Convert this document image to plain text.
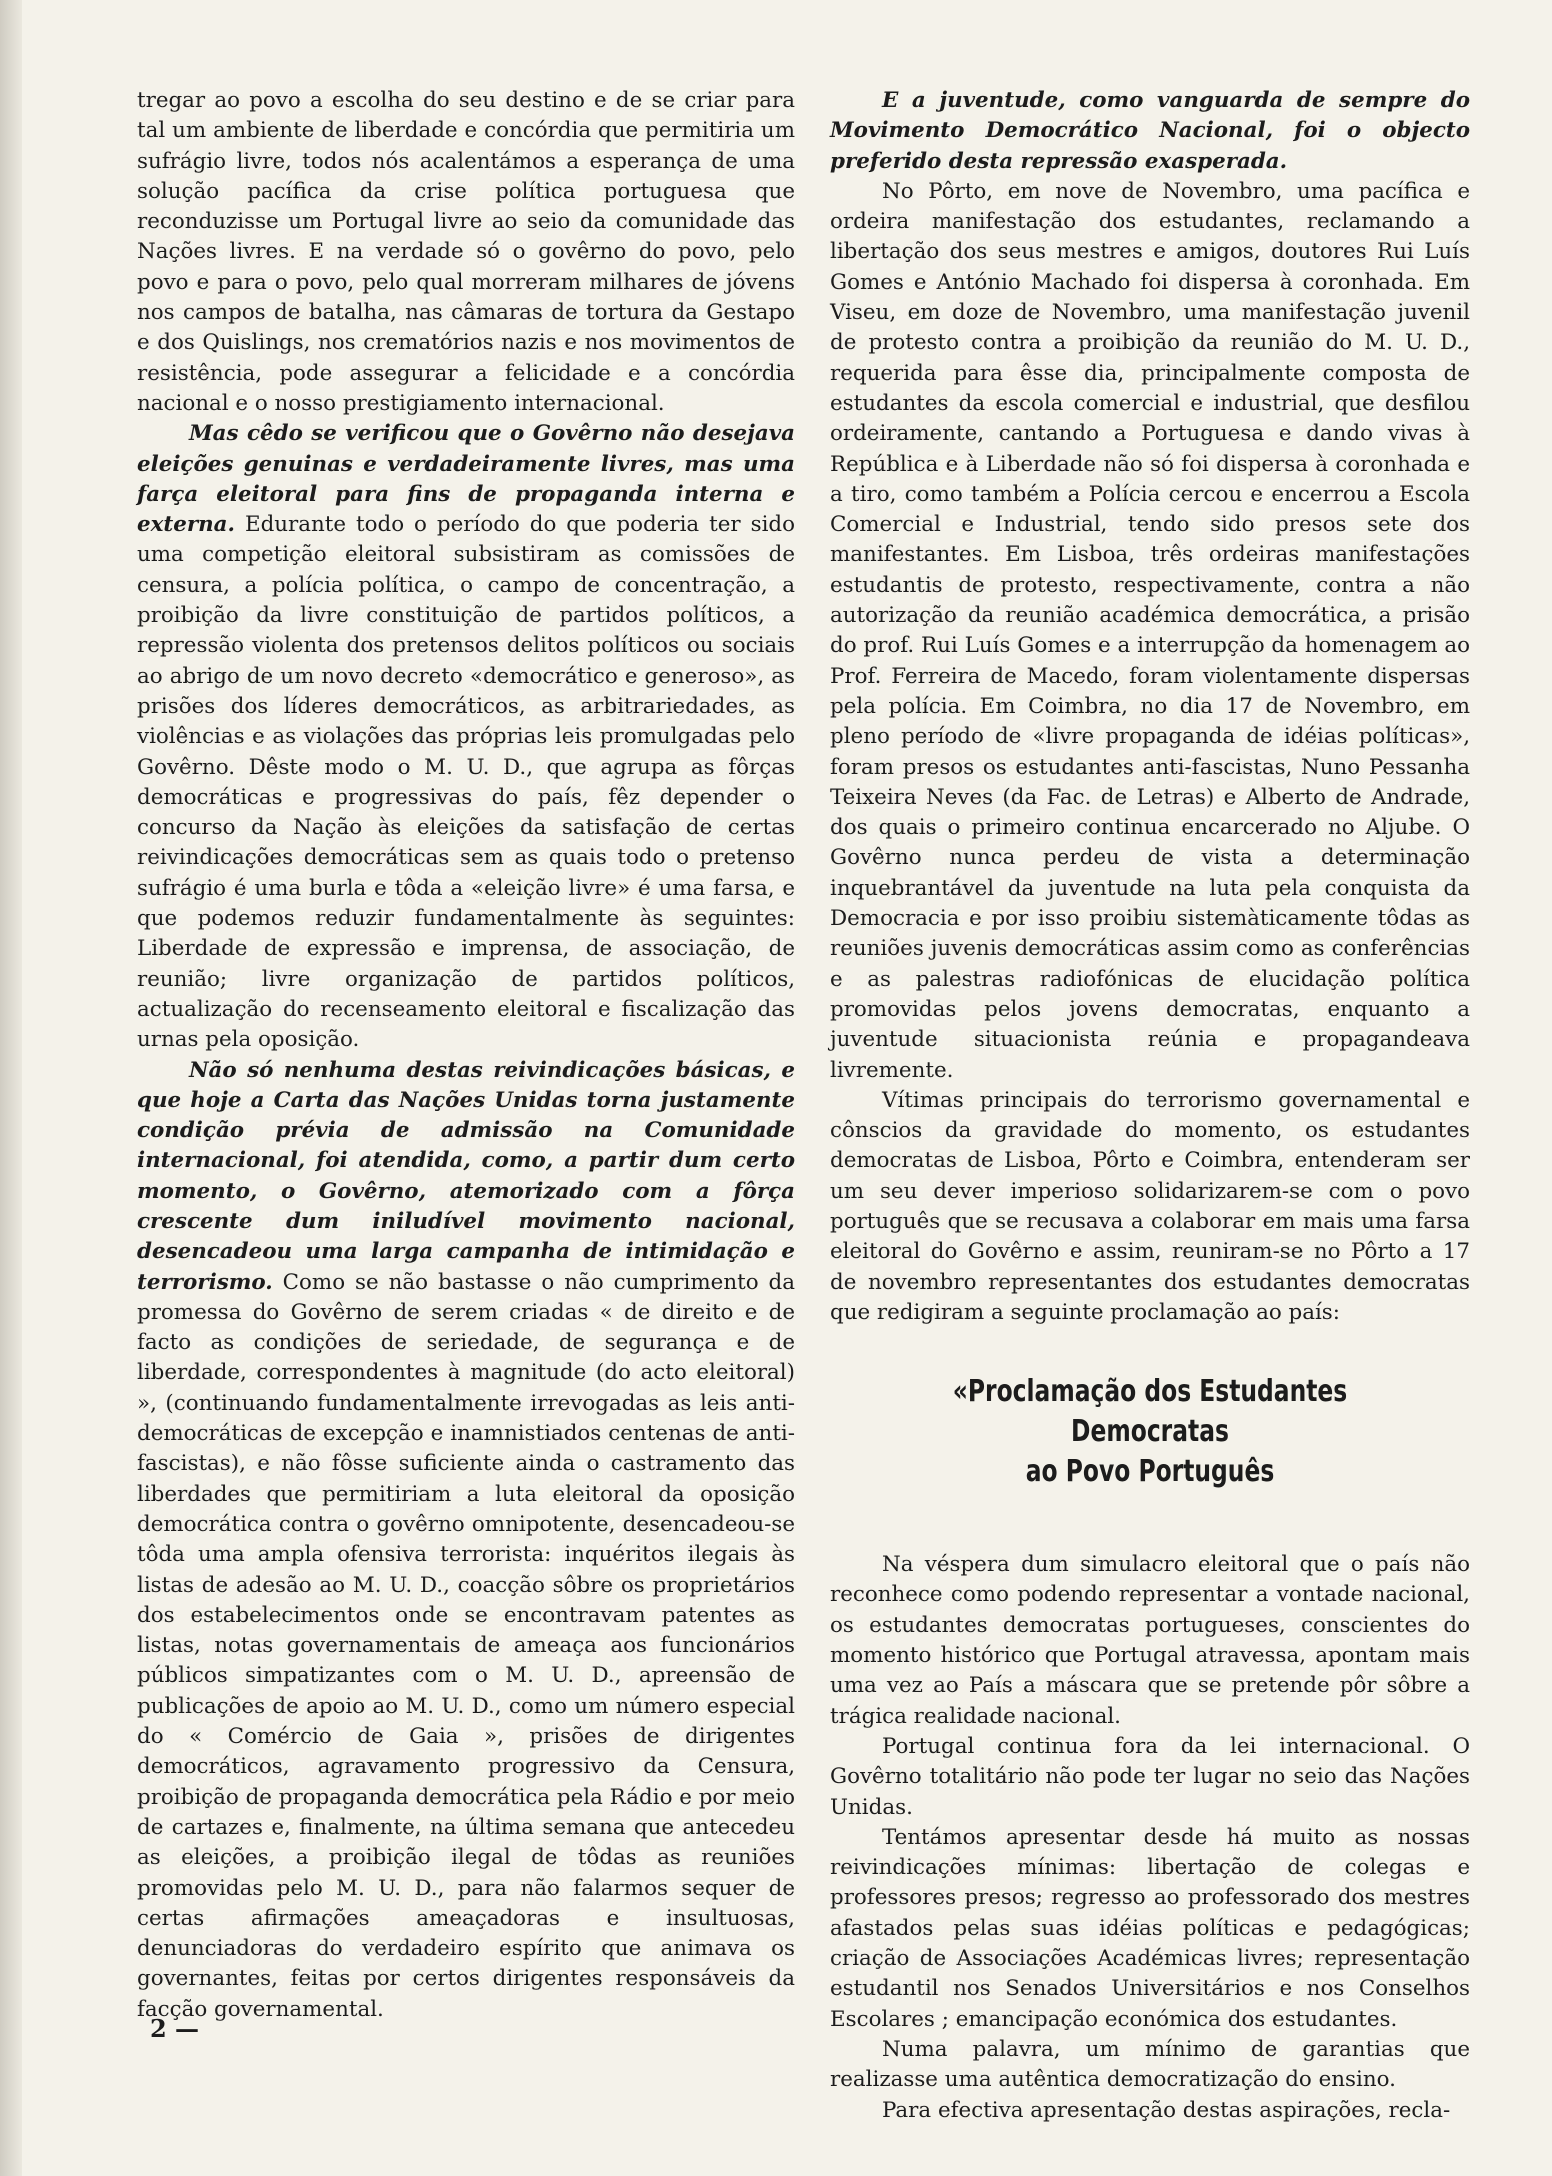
tregar ao povo a escolha do seu destino e de se criar para tal um ambiente de liberdade e concórdia que permitiria um sufrágio livre, todos nós acalentámos a esperança de uma solução pacífica da crise política portuguesa que reconduzisse um Portugal livre ao seio da comunidade das Nações livres. E na verdade só o govêrno do povo, pelo povo e para o povo, pelo qual morreram milhares de jóvens nos campos de batalha, nas câmaras de tortura da Gestapo e dos Quislings, nos crematórios nazis e nos movimentos de resistência, pode assegurar a felicidade e a concórdia nacional e o nosso prestigiamento internacional.

Mas cêdo se verificou que o Govêrno não desejava eleições genuinas e verdadeiramente livres, mas uma farça eleitoral para fins de propaganda interna e externa. Edurante todo o período do que poderia ter sido uma competição eleitoral subsistiram as comissões de censura, a polícia política, o campo de concentração, a proibição da livre constituição de partidos políticos, a repressão violenta dos pretensos delitos políticos ou sociais ao abrigo de um novo decreto «democrático e generoso», as prisões dos líderes democráticos, as arbitrariedades, as violências e as violações das próprias leis promulgadas pelo Govêrno. Dêste modo o M. U. D., que agrupa as fôrças democráticas e progressivas do país, fêz depender o concurso da Nação às eleições da satisfação de certas reivindicações democráticas sem as quais todo o pretenso sufrágio é uma burla e tôda a «eleição livre» é uma farsa, e que podemos reduzir fundamentalmente às seguintes: Liberdade de expressão e imprensa, de associação, de reunião; livre organização de partidos políticos, actualização do recenseamento eleitoral e fiscalização das urnas pela oposição.

Não só nenhuma destas reivindicações básicas, e que hoje a Carta das Nações Unidas torna justamente condição prévia de admissão na Comunidade internacional, foi atendida, como, a partir dum certo momento, o Govêrno, atemorizado com a fôrça crescente dum iniludível movimento nacional, desencadeou uma larga campanha de intimidação e terrorismo. Como se não bastasse o não cumprimento da promessa do Govêrno de serem criadas « de direito e de facto as condições de seriedade, de segurança e de liberdade, correspondentes à magnitude (do acto eleitoral) », (continuando fundamentalmente irrevogadas as leis anti-democráticas de excepção e inamnistiados centenas de anti-fascistas), e não fôsse suficiente ainda o castramento das liberdades que permitiriam a luta eleitoral da oposição democrática contra o govêrno omnipotente, desencadeou-se tôda uma ampla ofensiva terrorista: inquéritos ilegais às listas de adesão ao M. U. D., coacção sôbre os proprietários dos estabelecimentos onde se encontravam patentes as listas, notas governamentais de ameaça aos funcionários públicos simpatizantes com o M. U. D., apreensão de publicações de apoio ao M. U. D., como um número especial do « Comércio de Gaia », prisões de dirigentes democráticos, agravamento progressivo da Censura, proibição de propaganda democrática pela Rádio e por meio de cartazes e, finalmente, na última semana que antecedeu as eleições, a proibição ilegal de tôdas as reuniões promovidas pelo M. U. D., para não falarmos sequer de certas afirmações ameaçadoras e insultuosas, denunciadoras do verdadeiro espírito que animava os governantes, feitas por certos dirigentes responsáveis da facção governamental.

E a juventude, como vanguarda de sempre do Movimento Democrático Nacional, foi o objecto preferido desta repressão exasperada.

No Pôrto, em nove de Novembro, uma pacífica e ordeira manifestação dos estudantes, reclamando a libertação dos seus mestres e amigos, doutores Rui Luís Gomes e António Machado foi dispersa à coronhada. Em Viseu, em doze de Novembro, uma manifestação juvenil de protesto contra a proibição da reunião do M. U. D., requerida para êsse dia, principalmente composta de estudantes da escola comercial e industrial, que desfilou ordeiramente, cantando a Portuguesa e dando vivas à República e à Liberdade não só foi dispersa à coronhada e a tiro, como também a Polícia cercou e encerrou a Escola Comercial e Industrial, tendo sido presos sete dos manifestantes. Em Lisboa, três ordeiras manifestações estudantis de protesto, respectivamente, contra a não autorização da reunião académica democrática, a prisão do prof. Rui Luís Gomes e a interrupção da homenagem ao Prof. Ferreira de Macedo, foram violentamente dispersas pela polícia. Em Coimbra, no dia 17 de Novembro, em pleno período de «livre propaganda de idéias políticas», foram presos os estudantes anti-fascistas, Nuno Pessanha Teixeira Neves (da Fac. de Letras) e Alberto de Andrade, dos quais o primeiro continua encarcerado no Aljube. O Govêrno nunca perdeu de vista a determinação inquebrantável da juventude na luta pela conquista da Democracia e por isso proibiu sistemàticamente tôdas as reuniões juvenis democráticas assim como as conferências e as palestras radiofónicas de elucidação política promovidas pelos jovens democratas, enquanto a juventude situacionista reúnia e propagandeava livremente.

Vítimas principais do terrorismo governamental e cônscios da gravidade do momento, os estudantes democratas de Lisboa, Pôrto e Coimbra, entenderam ser um seu dever imperioso solidarizarem-se com o povo português que se recusava a colaborar em mais uma farsa eleitoral do Govêrno e assim, reuniram-se no Pôrto a 17 de novembro representantes dos estudantes democratas que redigiram a seguinte proclamação ao país:

«Proclamação dos Estudantes Democratas
ao Povo Português

Na véspera dum simulacro eleitoral que o país não reconhece como podendo representar a vontade nacional, os estudantes democratas portugueses, conscientes do momento histórico que Portugal atravessa, apontam mais uma vez ao País a máscara que se pretende pôr sôbre a trágica realidade nacional.

Portugal continua fora da lei internacional. O Govêrno totalitário não pode ter lugar no seio das Nações Unidas.

Tentámos apresentar desde há muito as nossas reivindicações mínimas: libertação de colegas e professores presos; regresso ao professorado dos mestres afastados pelas suas idéias políticas e pedagógicas; criação de Associações Académicas livres; representação estudantil nos Senados Universitários e nos Conselhos Escolares ; emancipação económica dos estudantes.

Numa palavra, um mínimo de garantias que realizasse uma autêntica democratização do ensino.

Para efectiva apresentação destas aspirações, recla-

2 —
